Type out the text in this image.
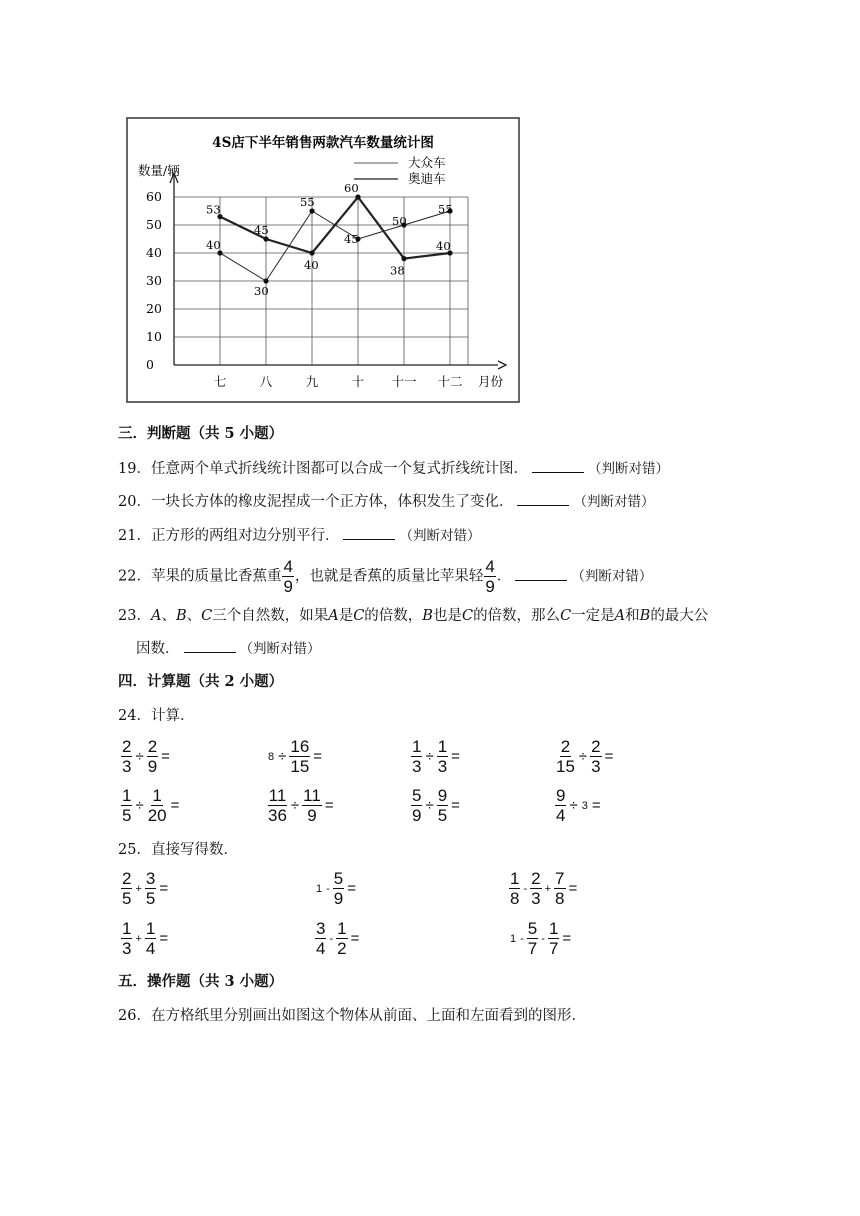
4S店下半年销售两款汽车数量统计图
数量/辆
月份
大众车
奥迪车
0
10
20
30
40
50
60
七	八	九	十 十一 十二
40
30
55
45
50
55
53
45
40
60
38
40
三．判断题（共 5 小题）
19．任意两个单式折线统计图都可以合成一个复式折线统计图．	（判断对错）
20．一块长方体的橡皮泥捏成一个正方体，体积发生了变化．	（判断对错）
21．正方形的两组对边分别平行．	（判断对错）
22．苹果的质量比香蕉重 $\frac{4}{9}$ ，也就是香蕉的质量比苹果轻 $\frac{4}{9}$ ．	（判断对错）
23．A、B、C三个自然数，如果A是C的倍数，B也是C的倍数，那么C一定是A和B的最大公
因数．	（判断对错）
四．计算题（共 2 小题）
24．计算．
$\frac{2}{3} \div \frac{2}{9}$ =	$8 \div \frac{16}{15}$ =	$\frac{1}{3} \div \frac{1}{3}$ =	$\frac{2}{15} \div \frac{2}{3}$ =
$\frac{1}{5} \div \frac{1}{20}$ =	$\frac{11}{36} \div \frac{11}{9}$ =	$\frac{5}{9} \div \frac{9}{5}$ =	$\frac{9}{4} \div 3$ =
25．直接写得数．
$\frac{2}{5} + \frac{3}{5}$ =	$1 - \frac{5}{9}$ =	$\frac{1}{8} - \frac{2}{3} + \frac{7}{8}$ =
$\frac{1}{3} + \frac{1}{4}$ =	$\frac{3}{4} - \frac{1}{2}$ =	$1 - \frac{5}{7} - \frac{1}{7}$ =
五．操作题（共 3 小题）
26．在方格纸里分别画出如图这个物体从前面、上面和左面看到的图形．
